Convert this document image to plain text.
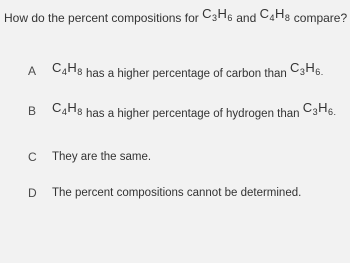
How do the percent compositions for $C_3H_6$ and $C_4H_8$ compare?
A $C_4H_8$ has a higher percentage of carbon than $C_3H_{6.}$
B $C_4H_8$ has a higher percentage of hydrogen than $C_3H_{6.}$
C They are the same.
D The percent compositions cannot be determined.
